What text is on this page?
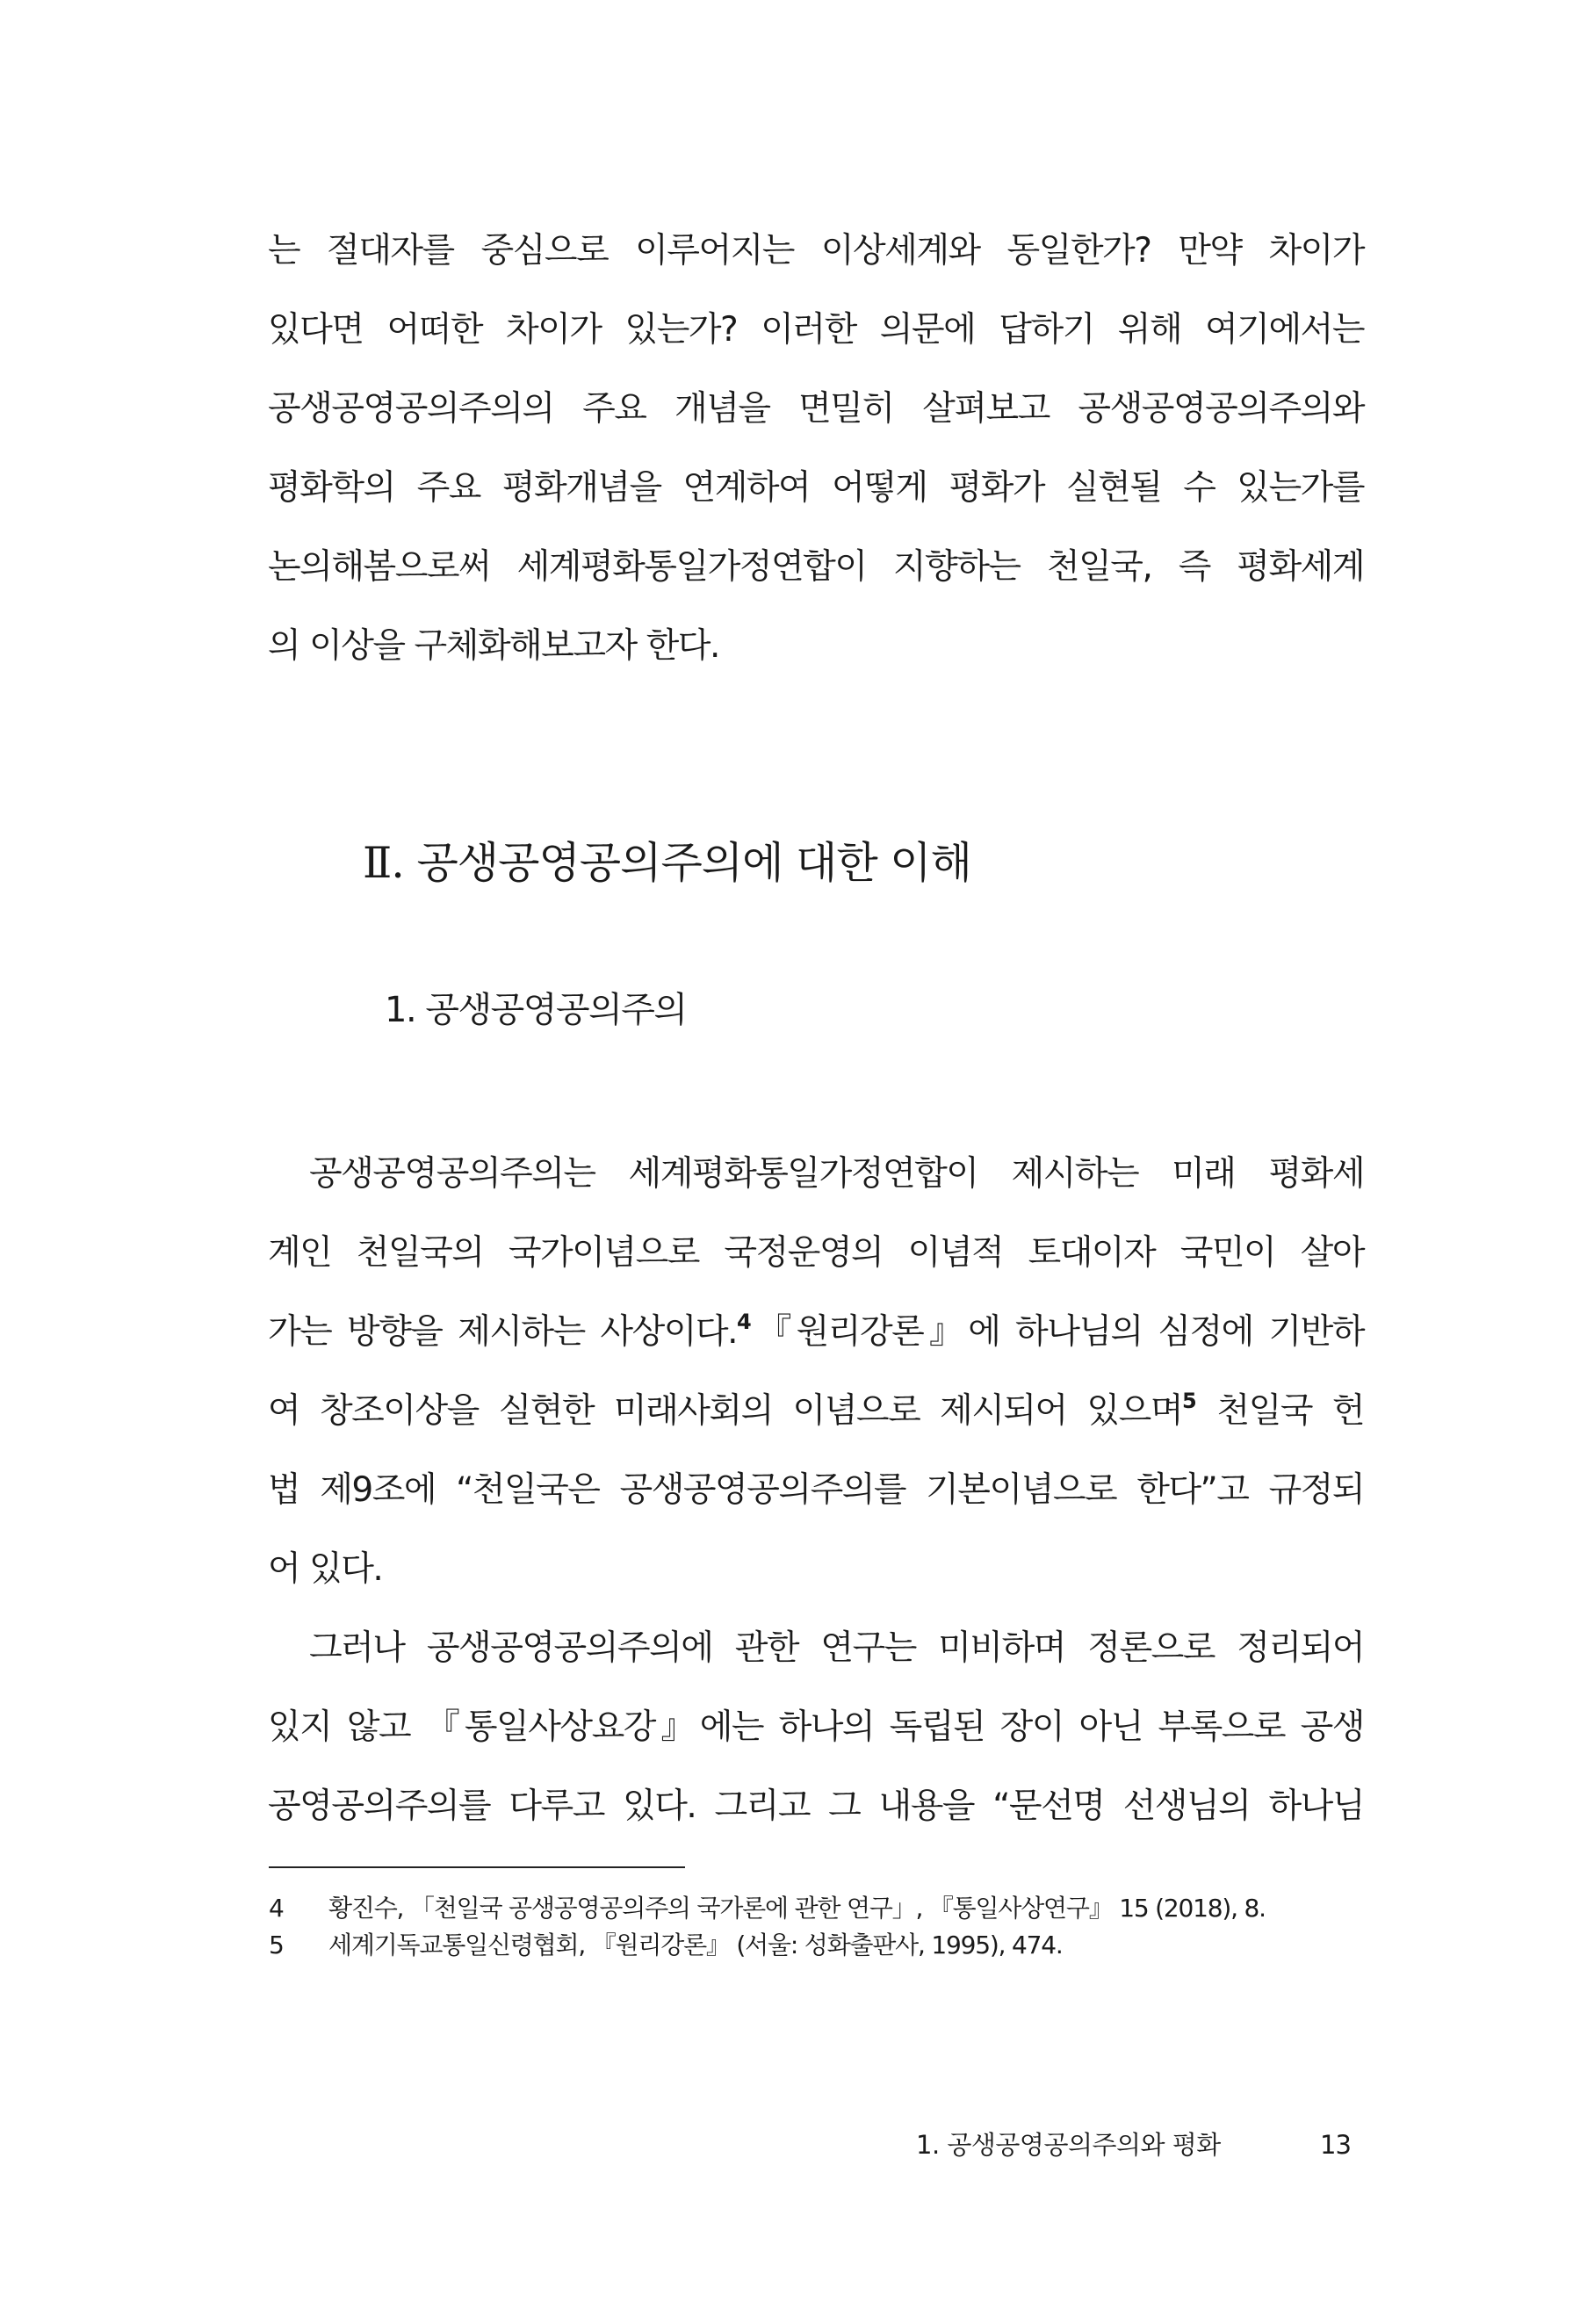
는 절대자를 중심으로 이루어지는 이상세계와 동일한가? 만약 차이가
있다면 어떠한 차이가 있는가? 이러한 의문에 답하기 위해 여기에서는
공생공영공의주의의 주요 개념을 면밀히 살펴보고 공생공영공의주의와
평화학의 주요 평화개념을 연계하여 어떻게 평화가 실현될 수 있는가를
논의해봄으로써 세계평화통일가정연합이 지향하는 천일국, 즉 평화세계
의 이상을 구체화해보고자 한다.
Ⅱ. 공생공영공의주의에 대한 이해
1. 공생공영공의주의
공생공영공의주의는 세계평화통일가정연합이 제시하는 미래 평화세
계인 천일국의 국가이념으로 국정운영의 이념적 토대이자 국민이 살아
가는 방향을 제시하는 사상이다.$^4$『원리강론』에 하나님의 심정에 기반하
여 창조이상을 실현한 미래사회의 이념으로 제시되어 있으며$^5$ 천일국 헌
법 제9조에 “천일국은 공생공영공의주의를 기본이념으로 한다”고 규정되
어 있다.
그러나 공생공영공의주의에 관한 연구는 미비하며 정론으로 정리되어
있지 않고 『통일사상요강』에는 하나의 독립된 장이 아닌 부록으로 공생
공영공의주의를 다루고 있다. 그리고 그 내용을 “문선명 선생님의 하나님
4 황진수, 「천일국 공생공영공의주의 국가론에 관한 연구」, 『통일사상연구』 15 (2018), 8.
5 세계기독교통일신령협회, 『원리강론』 (서울: 성화출판사, 1995), 474.
1. 공생공영공의주의와 평화	13
